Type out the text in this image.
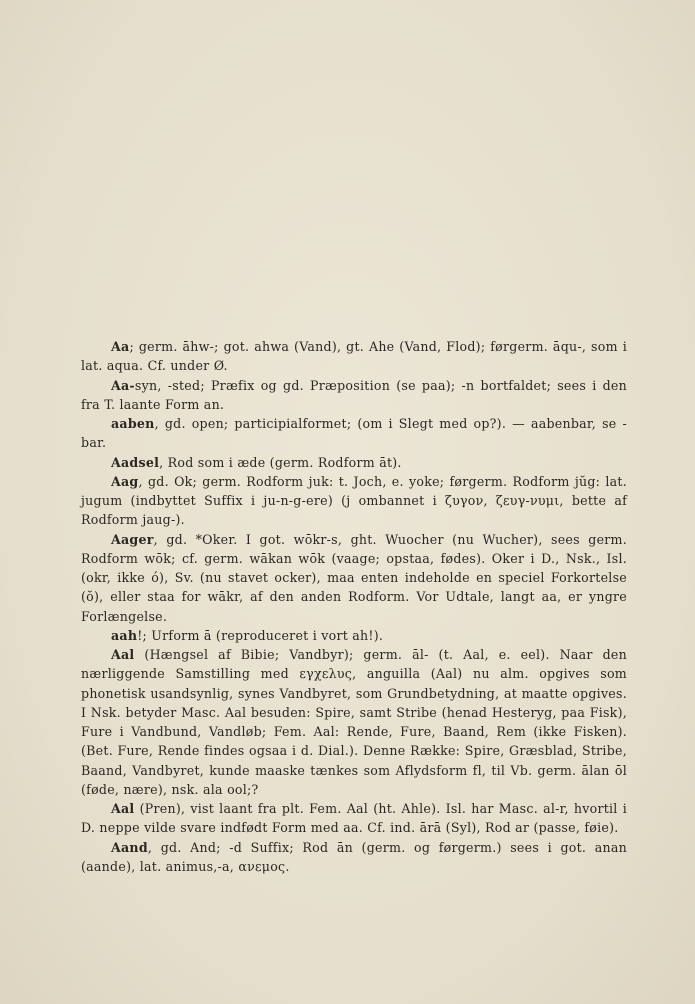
Aa; germ. āhw-; got. ahwa (Vand), gt. Ahe (Vand, Flod); førgerm. āqu-, som i lat. aqua. Cf. under Ø.

Aa-syn, -sted; Præfix og gd. Præposition (se paa); -n bortfaldet; sees i den fra T. laante Form an.

aaben, gd. open; participialformet; (om i Slegt med op?). — aabenbar, se -bar.

Aadsel, Rod som i æde (germ. Rodform āt).

Aag, gd. Ok; germ. Rodform juk: t. Joch, e. yoke; førgerm. Rodform jŭg: lat. jugum (indbyttet Suffix i ju-n-g-ere) (j ombannet i ζυγον, ζευγ-νυμι, bette af Rodform jaug-).

Aager, gd. *Oker. I got. wōkr-s, ght. Wuocher (nu Wucher), sees germ. Rodform wōk; cf. germ. wākan wōk (vaage; opstaa, fødes). Oker i D., Nsk., Isl. (okr, ikke ó), Sv. (nu stavet ocker), maa enten indeholde en speciel Forkortelse (ŏ), eller staa for wākr, af den anden Rodform. Vor Udtale, langt aa, er yngre Forlængelse.

aah!; Urform ā (reproduceret i vort ah!).

Aal (Hængsel af Bibie; Vandbyr); germ. āl- (t. Aal, e. eel). Naar den nærliggende Samstilling med εγχελυς, anguilla (Aal) nu alm. opgives som phonetisk usandsynlig, synes Vandbyret, som Grundbetydning, at maatte opgives. I Nsk. betyder Masc. Aal besuden: Spire, samt Stribe (henad Hesteryg, paa Fisk), Fure i Vandbund, Vandløb; Fem. Aal: Rende, Fure, Baand, Rem (ikke Fisken). (Bet. Fure, Rende findes ogsaa i d. Dial.). Denne Række: Spire, Græsblad, Stribe, Baand, Vandbyret, kunde maaske tænkes som Aflydsform fl, til Vb. germ. ālan ōl (føde, nære), nsk. ala ool;?

Aal (Pren), vist laant fra plt. Fem. Aal (ht. Ahle). Isl. har Masc. al-r, hvortil i D. neppe vilde svare indfødt Form med aa. Cf. ind. ārā (Syl), Rod ar (passe, føie).

Aand, gd. And; -d Suffix; Rod ān (germ. og førgerm.) sees i got. anan (aande), lat. animus,-a, ανεμος.
